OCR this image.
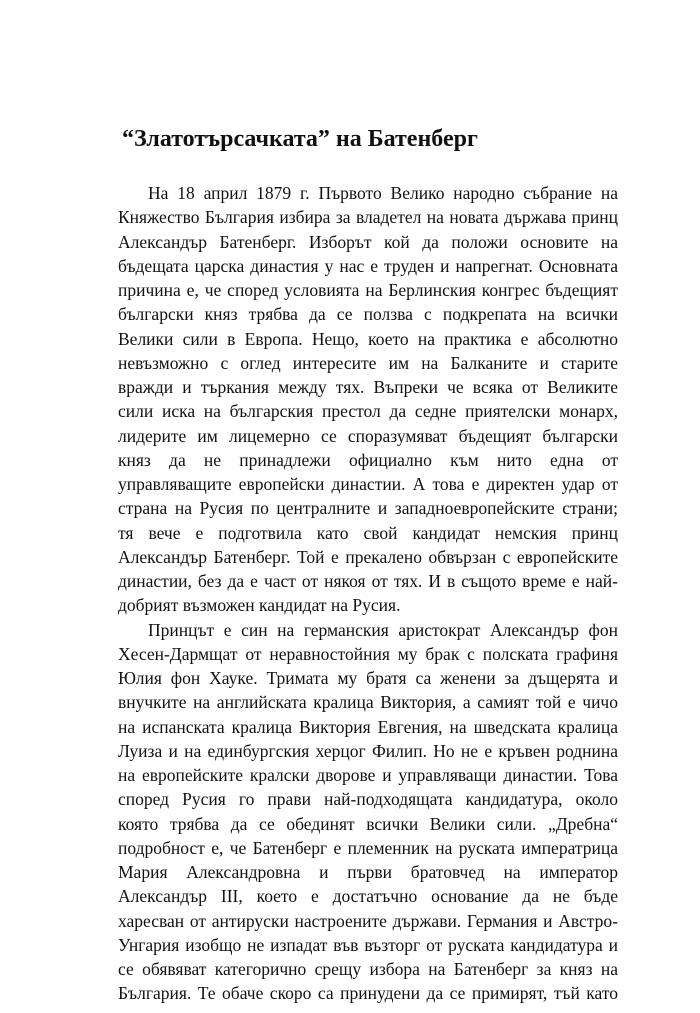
“Златотърсачката” на Батенберг

На 18 април 1879 г. Първото Велико народно събрание на
Княжество България избира за владетел на новата държава принц
Александър Батенберг. Изборът кой да положи основите на
бъдещата царска династия у нас е труден и напрегнат. Основната
причина е, че според условията на Берлинския конгрес бъдещият
български княз трябва да се ползва с подкрепата на всички
Велики сили в Европа. Нещо, което на практика е абсолютно
невъзможно с оглед интересите им на Балканите и старите
вражди и търкания между тях. Въпреки че всяка от Великите
сили иска на българския престол да седне приятелски монарх,
лидерите им лицемерно се споразумяват бъдещият български
княз да не принадлежи официално към нито една от
управляващите европейски династии. А това е директен удар от
страна на Русия по централните и западноевропейските страни;
тя вече е подготвила като свой кандидат немския принц
Александър Батенберг. Той е прекалено обвързан с европейските
династии, без да е част от някоя от тях. И в същото време е най-
добрият възможен кандидат на Русия.

Принцът е син на германския аристократ Александър фон
Хесен-Дармщат от неравностойния му брак с полската графиня
Юлия фон Хауке. Тримата му братя са женени за дъщерята и
внучките на английската кралица Виктория, а самият той е чичо
на испанската кралица Виктория Евгения, на шведската кралица
Луиза и на единбургския херцог Филип. Но не е кръвен роднина
на европейските кралски дворове и управляващи династии. Това
според Русия го прави най-подходящата кандидатура, около
която трябва да се обединят всички Велики сили. „Дребна“
подробност е, че Батенберг е племенник на руската императрица
Мария Александровна и първи братовчед на император
Александър III, което е достатъчно основание да не бъде
харесван от антируски настроените държави. Германия и Австро-
Унгария изобщо не изпадат във възторг от руската кандидатура и
се обявяват категорично срещу избора на Батенберг за княз на
България. Те обаче скоро са принудени да се примирят, тъй като
